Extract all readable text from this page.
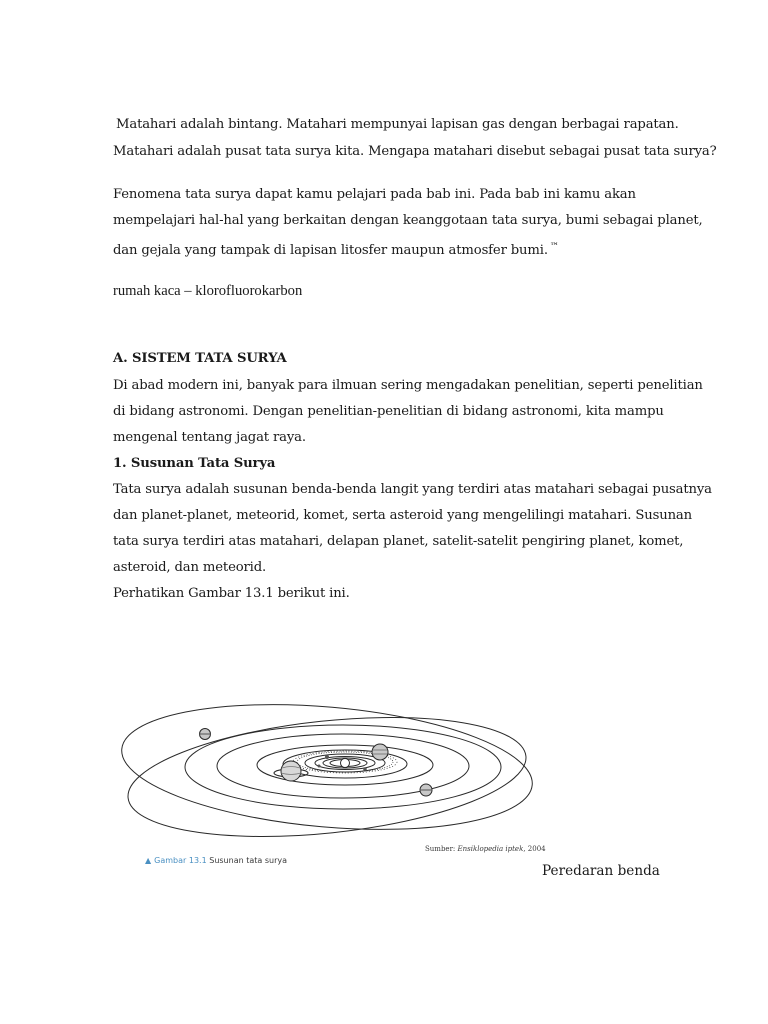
Matahari adalah bintang. Matahari mempunyai lapisan gas dengan berbagai rapatan.
Matahari adalah pusat tata surya kita. Mengapa matahari disebut sebagai pusat tata surya?
Fenomena tata surya dapat kamu pelajari pada bab ini. Pada bab ini kamu akan
mempelajari hal-hal yang berkaitan dengan keanggotaan tata surya, bumi sebagai planet,
dan gejala yang tampak di lapisan litosfer maupun atmosfer bumi. ™
rumah kaca – klorofluorokarbon
A. SISTEM TATA SURYA
Di abad modern ini, banyak para ilmuan sering mengadakan penelitian, seperti penelitian
di bidang astronomi. Dengan penelitian-penelitian di bidang astronomi, kita mampu
mengenal tentang jagat raya.
1. Susunan Tata Surya
Tata surya adalah susunan benda-benda langit yang terdiri atas matahari sebagai pusatnya
dan planet-planet, meteorid, komet, serta asteroid yang mengelilingi matahari. Susunan
tata surya terdiri atas matahari, delapan planet, satelit-satelit pengiring planet, komet,
asteroid, dan meteorid.
Perhatikan Gambar 13.1 berikut ini.
Sumber: Ensiklopedia iptek, 2004
▲ Gambar 13.1 Susunan tata surya
Peredaran benda
